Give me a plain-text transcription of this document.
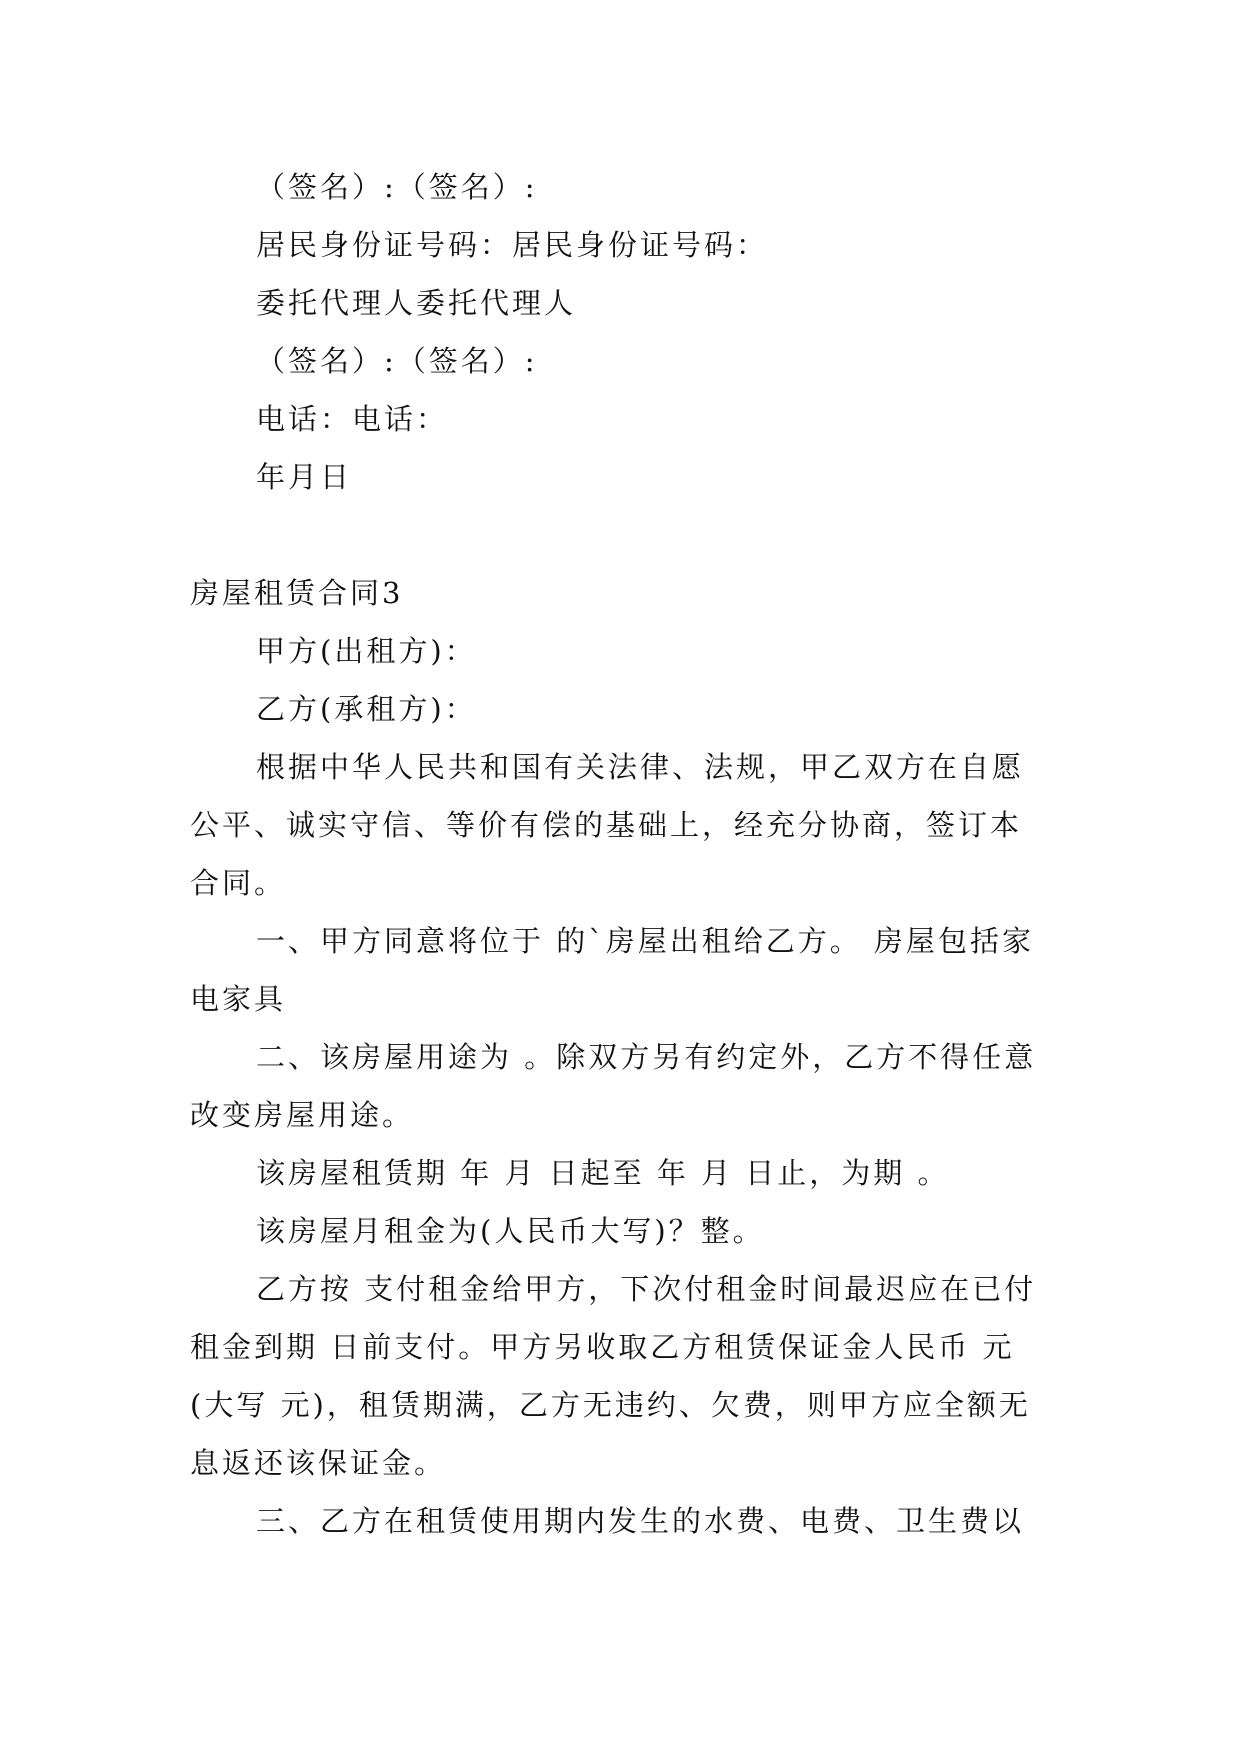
（签名）:（签名）:
居民身份证号码：居民身份证号码：
委托代理人委托代理人
（签名）:（签名）:
电话：电话：
年月日
房屋租赁合同3
甲方(出租方)：
乙方(承租方)：
根据中华人民共和国有关法律、法规，甲乙双方在自愿公平、诚实守信、等价有偿的基础上，经充分协商，签订本合同。
一、甲方同意将位于 的`房屋出租给乙方。 房屋包括家电家具
二、该房屋用途为 。除双方另有约定外，乙方不得任意改变房屋用途。
该房屋租赁期 年 月 日起至 年 月 日止，为期 。
该房屋月租金为(人民币大写)？整。
乙方按 支付租金给甲方，下次付租金时间最迟应在已付租金到期 日前支付。甲方另收取乙方租赁保证金人民币 元(大写 元)，租赁期满，乙方无违约、欠费，则甲方应全额无息返还该保证金。
三、乙方在租赁使用期内发生的水费、电费、卫生费以
